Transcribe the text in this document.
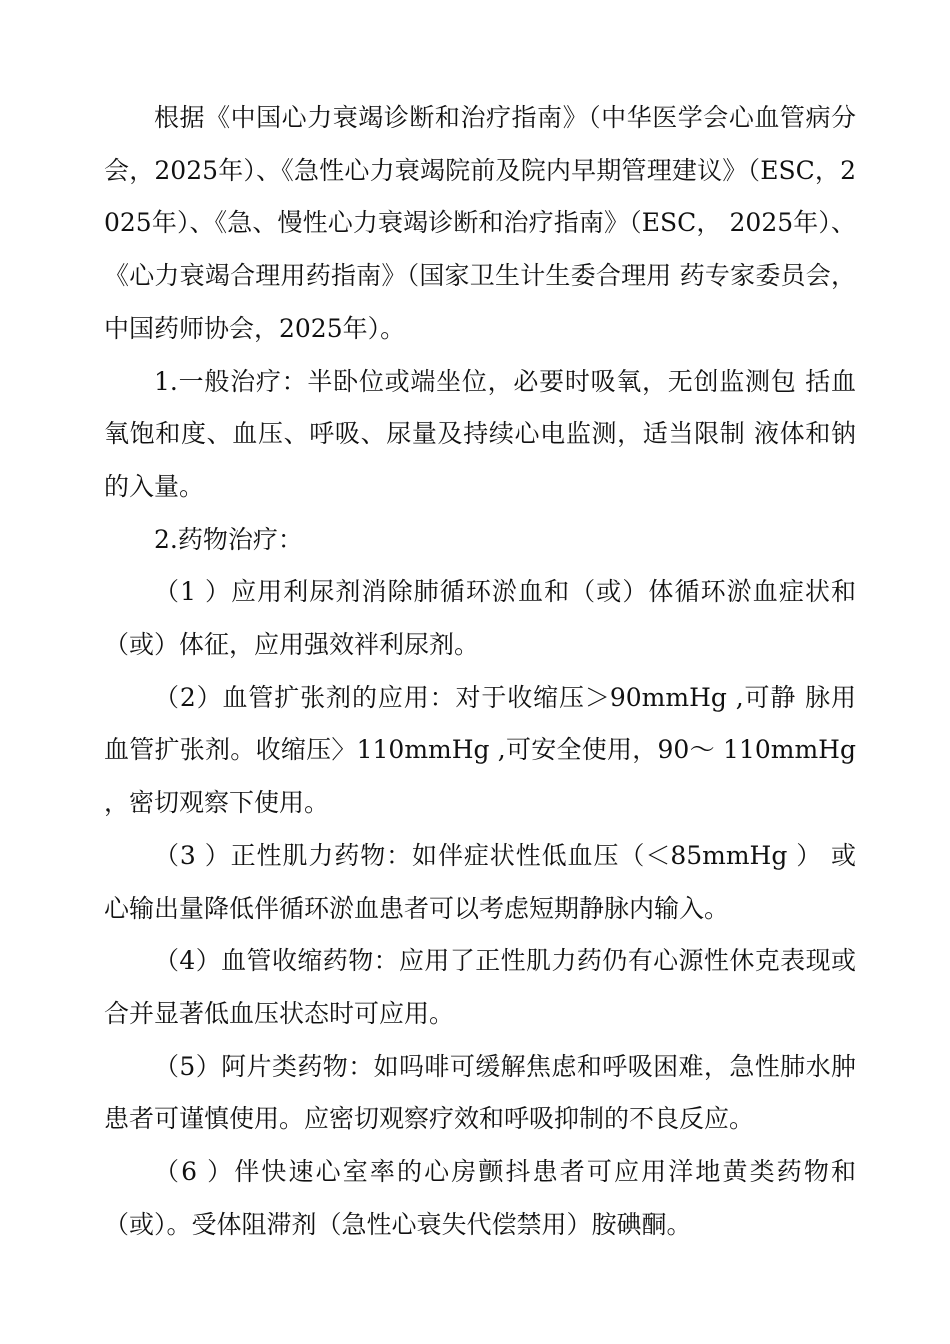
根据《中国心力衰竭诊断和治疗指南》（中华医学会心血管病分会，2025年）、《急性心力衰竭院前及院内早期管理建议》（ESC，2025年）、《急、慢性心力衰竭诊断和治疗指南》（ESC， 2025年）、《心力衰竭合理用药指南》（国家卫生计生委合理用 药专家委员会，中国药师协会，2025年）。

1.一般治疗：半卧位或端坐位，必要时吸氧，无创监测包 括血氧饱和度、血压、呼吸、尿量及持续心电监测，适当限制 液体和钠的入量。

2.药物治疗：

（1 ）应用利尿剂消除肺循环淤血和（或）体循环淤血症状和（或）体征，应用强效袢利尿剂。

（2）血管扩张剂的应用：对于收缩压＞90mmHg ,可静 脉用血管扩张剂。收缩压〉110mmHg ,可安全使用，90〜 110mmHg ，密切观察下使用。

（3 ）正性肌力药物：如伴症状性低血压（＜85mmHg ） 或心输出量降低伴循环淤血患者可以考虑短期静脉内输入。

（4）血管收缩药物：应用了正性肌力药仍有心源性休克表现或合并显著低血压状态时可应用。

（5）阿片类药物：如吗啡可缓解焦虑和呼吸困难，急性肺水肿患者可谨慎使用。应密切观察疗效和呼吸抑制的不良反应。

（6 ）伴快速心室率的心房颤抖患者可应用洋地黄类药物和（或）。受体阻滞剂（急性心衰失代偿禁用）胺碘酮。
